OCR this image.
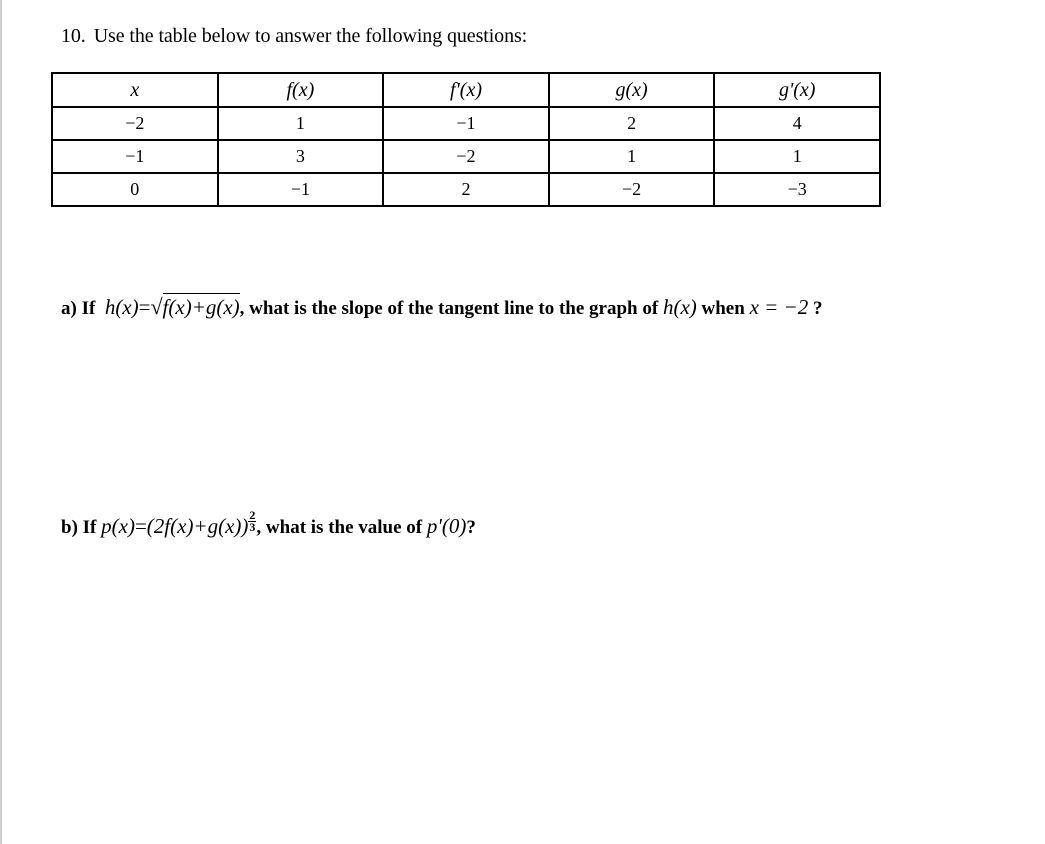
10. Use the table below to answer the following questions:
x	f(x)	f'(x)	g(x)	g'(x)
−2	1	−1	2	4
−1	3	−2	1	1
0	−1	2	−2	−3
a) If h(x)=√f(x)+g(x), what is the slope of the tangent line to the graph of h(x) when x = −2 ?
b) If $p(x)=(2f(x)+g(x)) \frac{2}{3}$ , what is the value of p'(0)?
